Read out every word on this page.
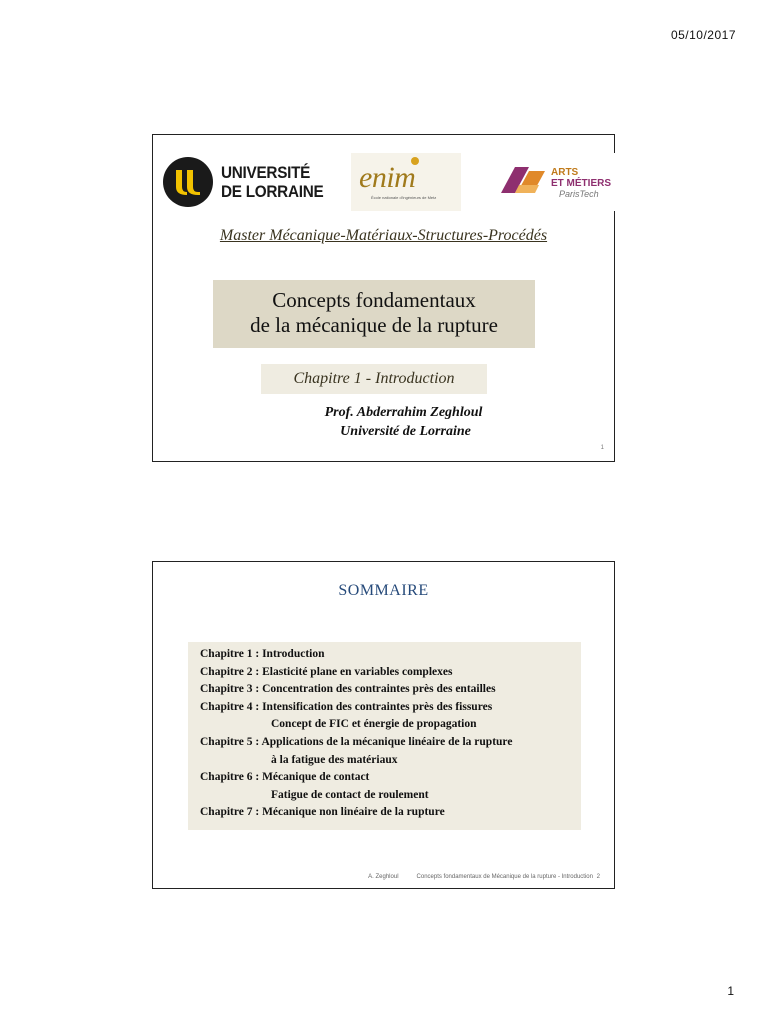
05/10/2017
UNIVERSITÉ
DE LORRAINE enim
École nationale d'ingénieurs de Metz
ARTS
ET MÉTIERS
ParisTech
Master Mécanique-Matériaux-Structures-Procédés
Concepts fondamentaux
de la mécanique de la rupture
Chapitre 1 - Introduction
Prof. Abderrahim Zeghloul
Université de Lorraine
1
SOMMAIRE
Chapitre 1 : Introduction
Chapitre 2 : Elasticité plane en variables complexes
Chapitre 3 : Concentration des contraintes près des entailles
Chapitre 4 : Intensification des contraintes près des fissures
Concept de FIC et énergie de propagation
Chapitre 5 : Applications de la mécanique linéaire de la rupture
à la fatigue des matériaux
Chapitre 6 : Mécanique de contact
Fatigue de contact de roulement
Chapitre 7 : Mécanique non linéaire de la rupture
A. Zeghloul	Concepts fondamentaux de Mécanique de la rupture - Introduction 2
1
